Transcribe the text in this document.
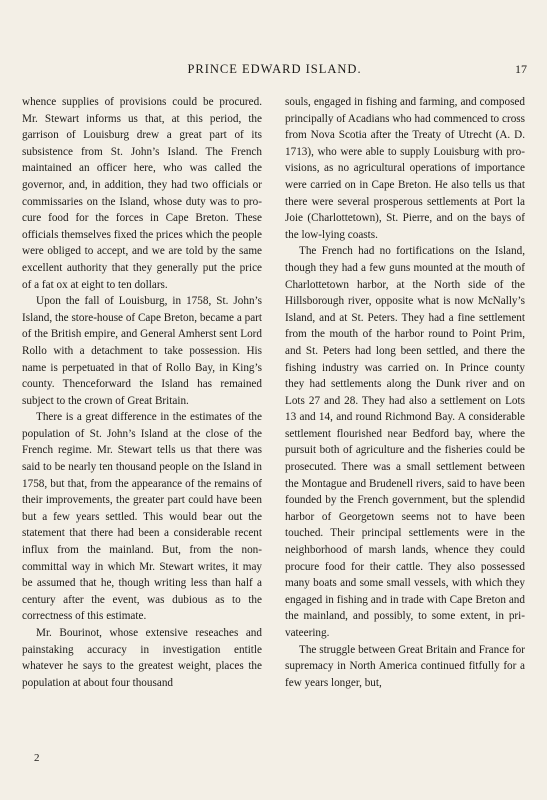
PRINCE EDWARD ISLAND.	17

whence supplies of provisions could be procured. Mr. Stewart informs us that, at this period, the garrison of Louisburg drew a great part of its subsistence from St. John’s Island. The French maintained an officer here, who was called the governor, and, in addition, they had two officials or commissaries on the Island, whose duty was to procure food for the forces in Cape Breton. These officials themselves fixed the prices which the people were obliged to accept, and we are told by the same excellent authority that they generally put the price of a fat ox at eight to ten dollars.

Upon the fall of Louisburg, in 1758, St. John’s Island, the store-house of Cape Breton, became a part of the British empire, and General Amherst sent Lord Rollo with a detachment to take possession. His name is perpetuated in that of Rollo Bay, in King’s county. Thenceforward the Island has remained subject to the crown of Great Britain.

There is a great difference in the estimates of the population of St. John’s Island at the close of the French regime. Mr. Stewart tells us that there was said to be nearly ten thousand people on the Island in 1758, but that, from the appearance of the remains of their improvements, the greater part could have been but a few years settled. This would bear out the statement that there had been a considerable recent influx from the mainland. But, from the non-committal way in which Mr. Stewart writes, it may be assumed that he, though writing less than half a century after the event, was dubious as to the correctness of this estimate.

Mr. Bourinot, whose extensive reseaches and painstaking accuracy in investigation entitle whatever he says to the greatest weight, places the population at about four thousand

souls, engaged in fishing and farming, and composed principally of Acadians who had commenced to cross from Nova Scotia after the Treaty of Utrecht (A. D. 1713), who were able to supply Louisburg with provisions, as no agricultural operations of importance were carried on in Cape Breton. He also tells us that there were several prosperous settlements at Port la Joie (Charlottetown), St. Pierre, and on the bays of the low-lying coasts.

The French had no fortifications on the Island, though they had a few guns mounted at the mouth of Charlottetown harbor, at the North side of the Hillsborough river, opposite what is now McNally’s Island, and at St. Peters. They had a fine settlement from the mouth of the harbor round to Point Prim, and St. Peters had long been settled, and there the fishing industry was carried on. In Prince county they had settlements along the Dunk river and on Lots 27 and 28. They had also a settlement on Lots 13 and 14, and round Richmond Bay. A considerable settlement flourished near Bedford bay, where the pursuit both of agriculture and the fisheries could be prosecuted. There was a small settlement between the Montague and Brudenell rivers, said to have been founded by the French government, but the splendid harbor of Georgetown seems not to have been touched. Their principal settlements were in the neighborhood of marsh lands, whence they could procure food for their cattle. They also possessed many boats and some small vessels, with which they engaged in fishing and in trade with Cape Breton and the mainland, and possibly, to some extent, in privateering.

The struggle between Great Britain and France for supremacy in North America continued fitfully for a few years longer, but,

2
